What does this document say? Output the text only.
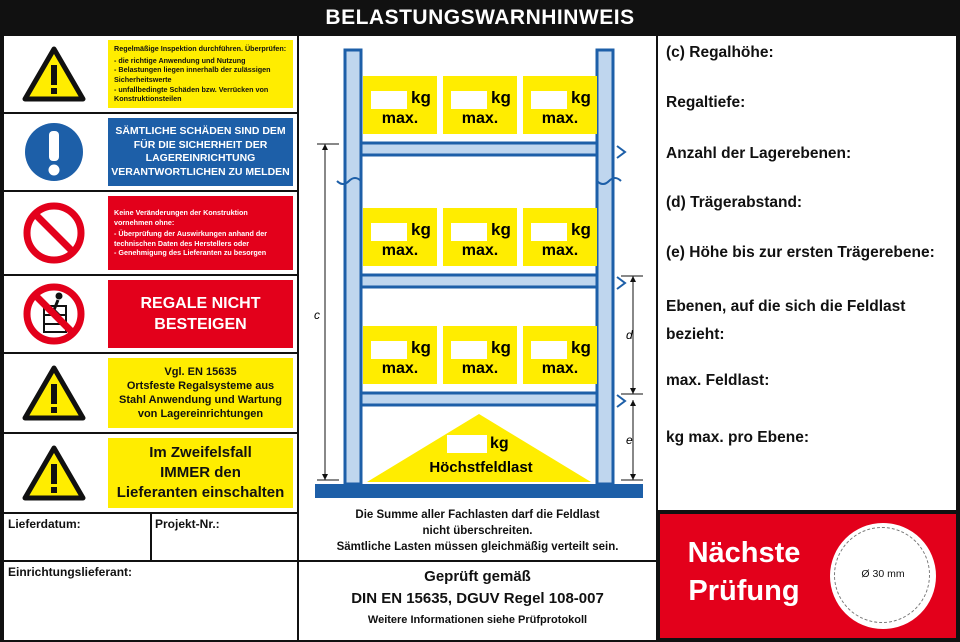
BELASTUNGSWARNHINWEIS
Regelmäßige Inspektion durchführen. Überprüfen:
- die richtige Anwendung und Nutzung
- Belastungen liegen innerhalb der zulässigen Sicherheitswerte
- unfallbedingte Schäden bzw. Verrücken von Konstruktionsteilen
SÄMTLICHE SCHÄDEN SIND DEM
FÜR DIE SICHERHEIT DER
LAGEREINRICHTUNG
VERANTWORTLICHEN ZU MELDEN
Keine Veränderungen der Konstruktion vornehmen ohne:
- Überprüfung der Auswirkungen anhand der technischen Daten des Herstellers oder
- Genehmigung des Lieferanten zu besorgen
REGALE NICHT
BESTEIGEN
Vgl. EN 15635
Ortsfeste Regalsysteme aus
Stahl Anwendung und Wartung
von Lagereinrichtungen
Im Zweifelsfall
IMMER den
Lieferanten einschalten
Lieferdatum:	Projekt-Nr.:
Einrichtungslieferant:
c
d
e
kg
max.
kg
max.
kg
max.
kg
max.
kg
max.
kg
max.
kg
max.
kg
max.
kg
max.
kg
Höchstfeldlast
Die Summe aller Fachlasten darf die Feldlast
nicht überschreiten.
Sämtliche Lasten müssen gleichmäßig verteilt sein.
Geprüft gemäß
DIN EN 15635, DGUV Regel 108-007
Weitere Informationen siehe Prüfprotokoll
(c) Regalhöhe:
Regaltiefe:
Anzahl der Lagerebenen:
(d) Trägerabstand:
(e) Höhe bis zur ersten Trägerebene:
Ebenen, auf die sich die Feldlast bezieht:
max. Feldlast:
kg max. pro Ebene:
Nächste
Prüfung
Ø 30 mm
